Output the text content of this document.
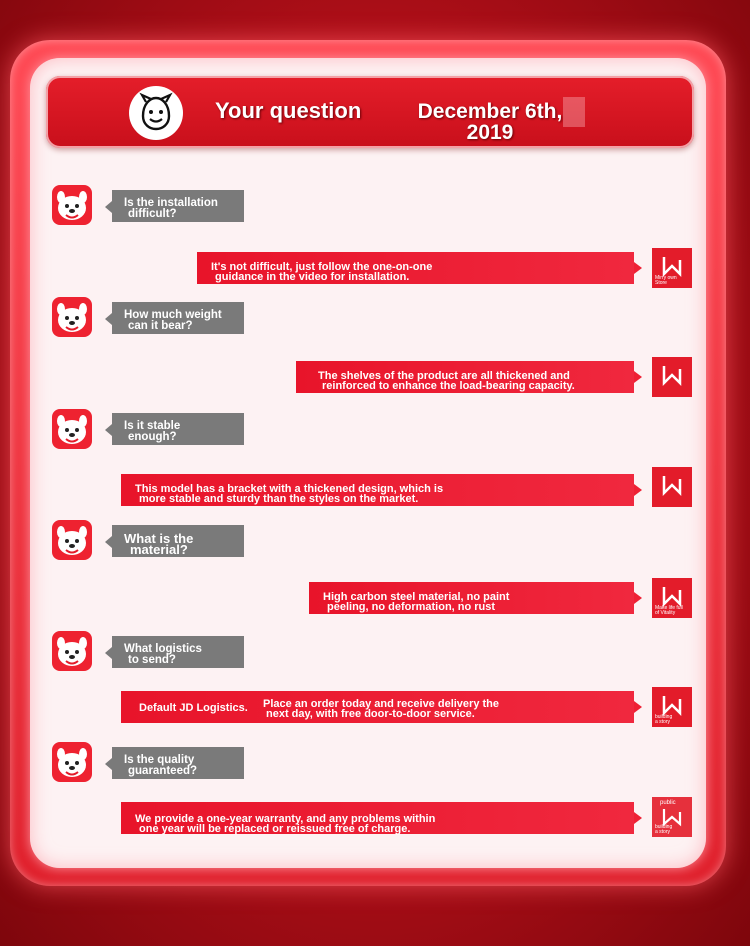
Your question	December 6th,
2019
Is the installation
difficult?
It's not difficult, just follow the one-on-one
guidance in the video for installation.	Mirry own
Store
How much weight
can it bear?
The shelves of the product are all thickened and
reinforced to enhance the load-bearing capacity.
Is it stable
enough?
This model has a bracket with a thickened design, which is
more stable and sturdy than the styles on the market.
What is the
material?
High carbon steel material, no paint
peeling, no deformation, no rust	Make life full
of Vitality
What logistics
to send?
Default JD Logistics. Place an order today and receive delivery the
next day, with free door-to-door service.	building
a story
Is the quality
guaranteed?
We provide a one-year warranty, and any problems within
one year will be replaced or reissued free of charge.
public
building
a story
